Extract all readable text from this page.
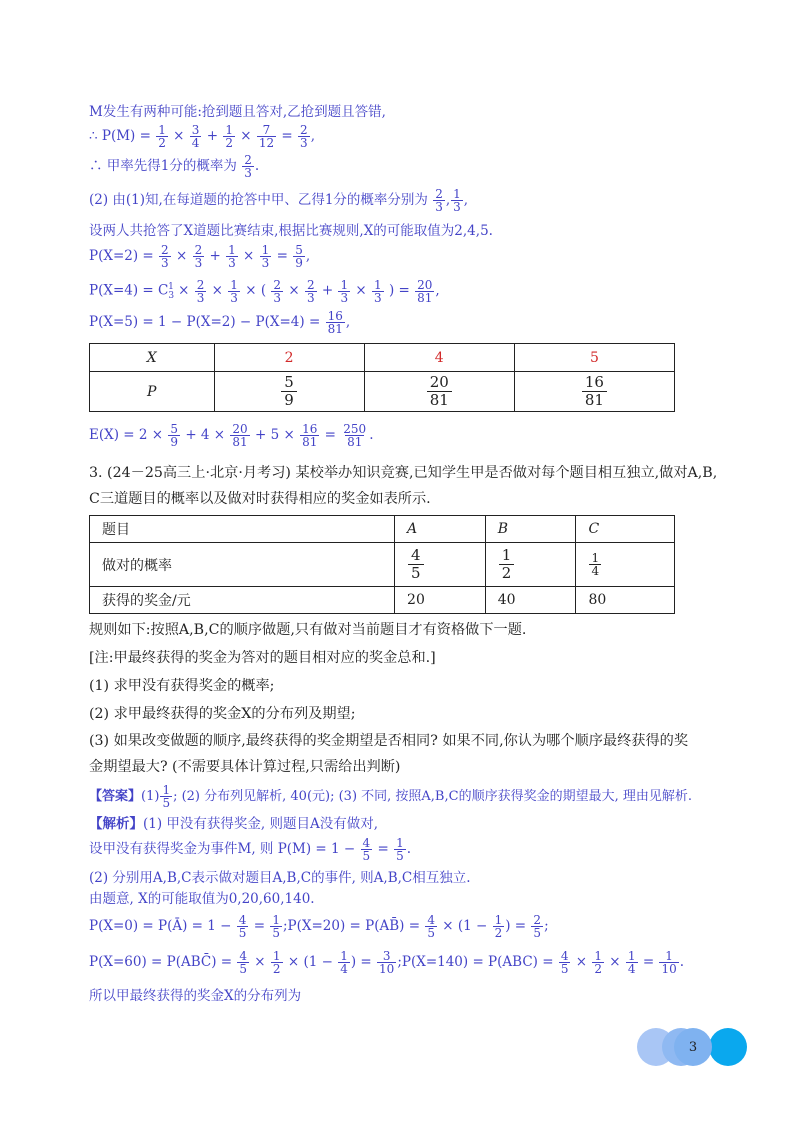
M发生有两种可能:抢到题且答对,乙抢到题且答错,
∴ $P(M) = \frac{1}{2} \times \frac{3}{4} + \frac{1}{2} \times \frac{7}{12} = \frac{2}{3}$ ,
∴ 甲率先得1分的概率为 $\frac{2}{3}$ .
(2) 由(1)知,在每道题的抢答中甲、乙得1分的概率分别为 $\frac{2}{3}$ , $\frac{1}{3}$ ,
设两人共抢答了X道题比赛结束,根据比赛规则,X的可能取值为2,4,5.
$P(X=2) = \frac{2}{3} \times \frac{2}{3} + \frac{1}{3} \times \frac{1}{3} = \frac{5}{9}$ ,
$P(X=4) = C_3^1 \times \frac{2}{3} \times \frac{1}{3}$ × ( $\frac{2}{3} \times \frac{2}{3} + \frac{1}{3} \times \frac{1}{3}$ ) = $\frac{20}{81}$ ,
$P(X=5) = 1 - P(X=2) - P(X=4) = \frac{16}{81}$ ,
X	2	4	5
P	$\frac{5}{9}$	$\frac{20}{81}$	$\frac{16}{81}$
$E(X) = 2 \times \frac{5}{9} + 4 \times \frac{20}{81} + 5 \times \frac{16}{81} = \frac{250}{81}$ .
3. (24－25高三上·北京·月考习) 某校举办知识竞赛,已知学生甲是否做对每个题目相互独立,做对A,B,
C三道题目的概率以及做对时获得相应的奖金如表所示.
题目	A	B	C
做对的概率	$\frac{4}{5}$	$\frac{1}{2}$	$\frac{1}{4}$

获得的奖金/元	20	40	80
规则如下:按照A,B,C的顺序做题,只有做对当前题目才有资格做下一题.
[注:甲最终获得的奖金为答对的题目相对应的奖金总和.]
(1) 求甲没有获得奖金的概率;
(2) 求甲最终获得的奖金X的分布列及期望;
(3) 如果改变做题的顺序,最终获得的奖金期望是否相同? 如果不同,你认为哪个顺序最终获得的奖
金期望最大? (不需要具体计算过程,只需给出判断)
【答案】$(1) \frac{1}{5}$ ; (2) 分布列见解析, 40(元); (3) 不同, 按照A,B,C的顺序获得奖金的期望最大, 理由见解析.
【解析】(1) 甲没有获得奖金, 则题目A没有做对,
设甲没有获得奖金为事件M, 则 $P(M) = 1 - \frac{4}{5} = \frac{1}{5}$ .
(2) 分别用A,B,C表示做对题目A,B,C的事件, 则A,B,C相互独立.
由题意, X的可能取值为0,20,60,140.
P(X=0) = P(Ā) = $1 - \frac{4}{5} = \frac{1}{5}$ ;P(X=20) = P(AB̄) = $\frac{4}{5} \times (1 - \frac{1}{2}$ ) = $\frac{2}{5}$ ;
P(X=60) = P(ABC̄) = $\frac{4}{5} \times \frac{1}{2} \times (1 - \frac{1}{4}$ ) = $\frac{3}{10}$ ;P(X=140) = $P(ABC) = \frac{4}{5} \times \frac{1}{2} \times \frac{1}{4} = \frac{1}{10}$ .
所以甲最终获得的奖金X的分布列为
3
